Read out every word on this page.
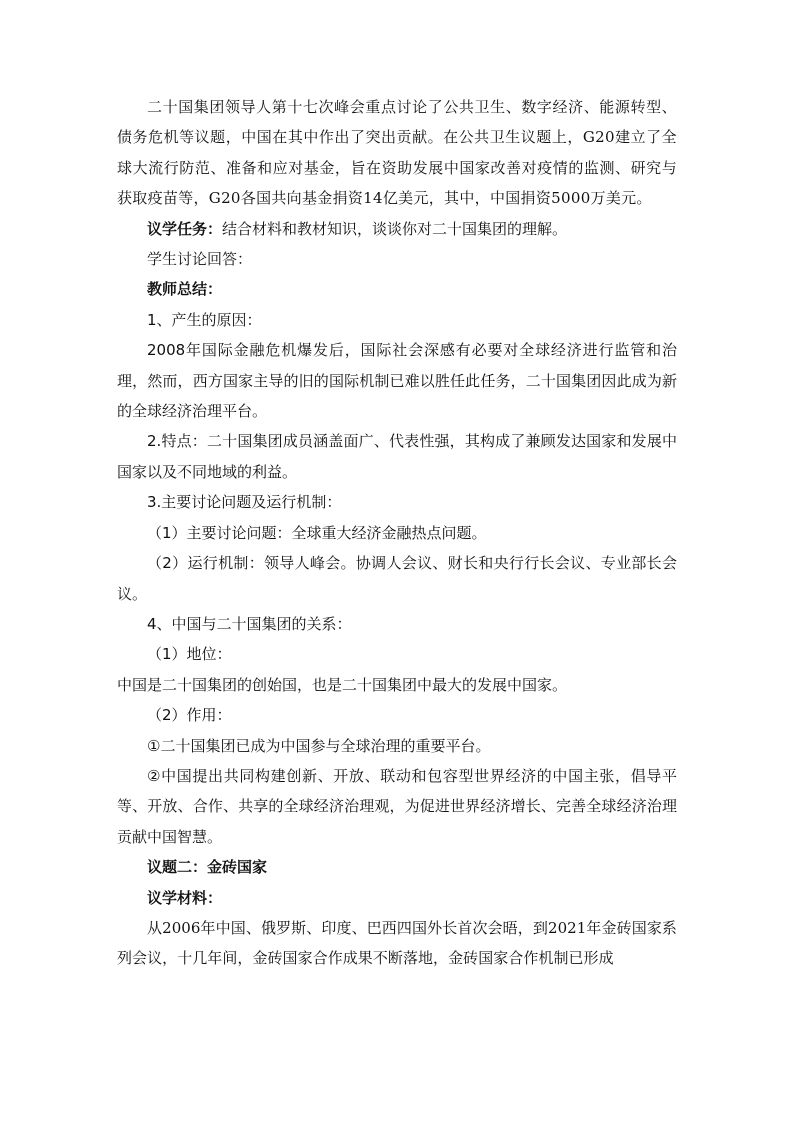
二十国集团领导人第十七次峰会重点讨论了公共卫生、数字经济、能源转型、债务危机等议题，中国在其中作出了突出贡献。在公共卫生议题上，G20建立了全球大流行防范、准备和应对基金，旨在资助发展中国家改善对疫情的监测、研究与获取疫苗等，G20各国共向基金捐资14亿美元，其中，中国捐资5000万美元。

议学任务：结合材料和教材知识，谈谈你对二十国集团的理解。

学生讨论回答：

教师总结：

1、产生的原因：

2008年国际金融危机爆发后，国际社会深感有必要对全球经济进行监管和治理，然而，西方国家主导的旧的国际机制已难以胜任此任务，二十国集团因此成为新的全球经济治理平台。

2.特点：二十国集团成员涵盖面广、代表性强，其构成了兼顾发达国家和发展中国家以及不同地域的利益。

3.主要讨论问题及运行机制：

（1）主要讨论问题：全球重大经济金融热点问题。

（2）运行机制：领导人峰会。协调人会议、财长和央行行长会议、专业部长会议。

4、中国与二十国集团的关系：

（1）地位：

中国是二十国集团的创始国，也是二十国集团中最大的发展中国家。

（2）作用：

①二十国集团已成为中国参与全球治理的重要平台。

②中国提出共同构建创新、开放、联动和包容型世界经济的中国主张，倡导平等、开放、合作、共享的全球经济治理观，为促进世界经济增长、完善全球经济治理贡献中国智慧。

议题二：金砖国家

议学材料：

从2006年中国、俄罗斯、印度、巴西四国外长首次会晤，到2021年金砖国家系列会议，十几年间，金砖国家合作成果不断落地，金砖国家合作机制已形成
